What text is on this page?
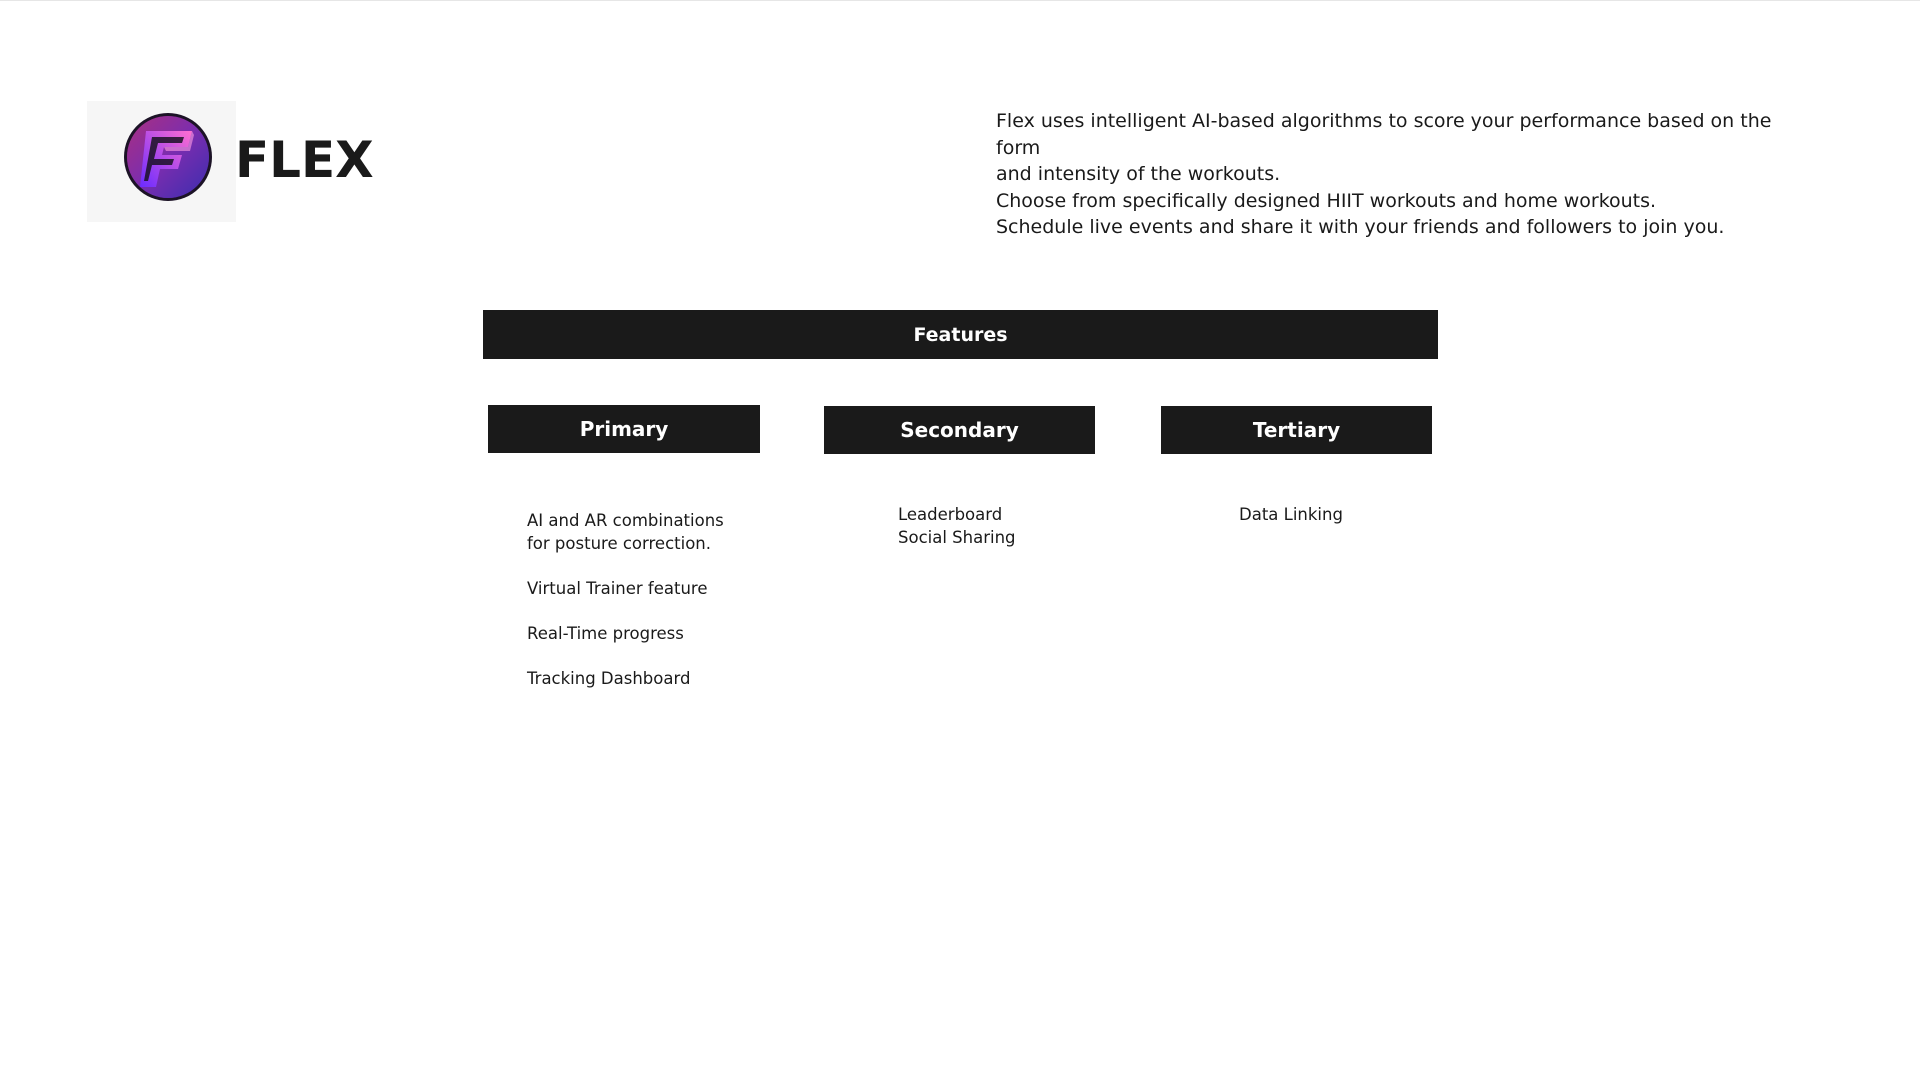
FLEX
Flex uses intelligent AI-based algorithms to score your performance based on the form
and intensity of the workouts.
Choose from specifically designed HIIT workouts and home workouts.
Schedule live events and share it with your friends and followers to join you.
Features
Primary	Secondary	Tertiary
AI and AR combinations for posture correction.
Virtual Trainer feature
Real-Time progress
Tracking Dashboard
Leaderboard
Social Sharing
Data Linking
